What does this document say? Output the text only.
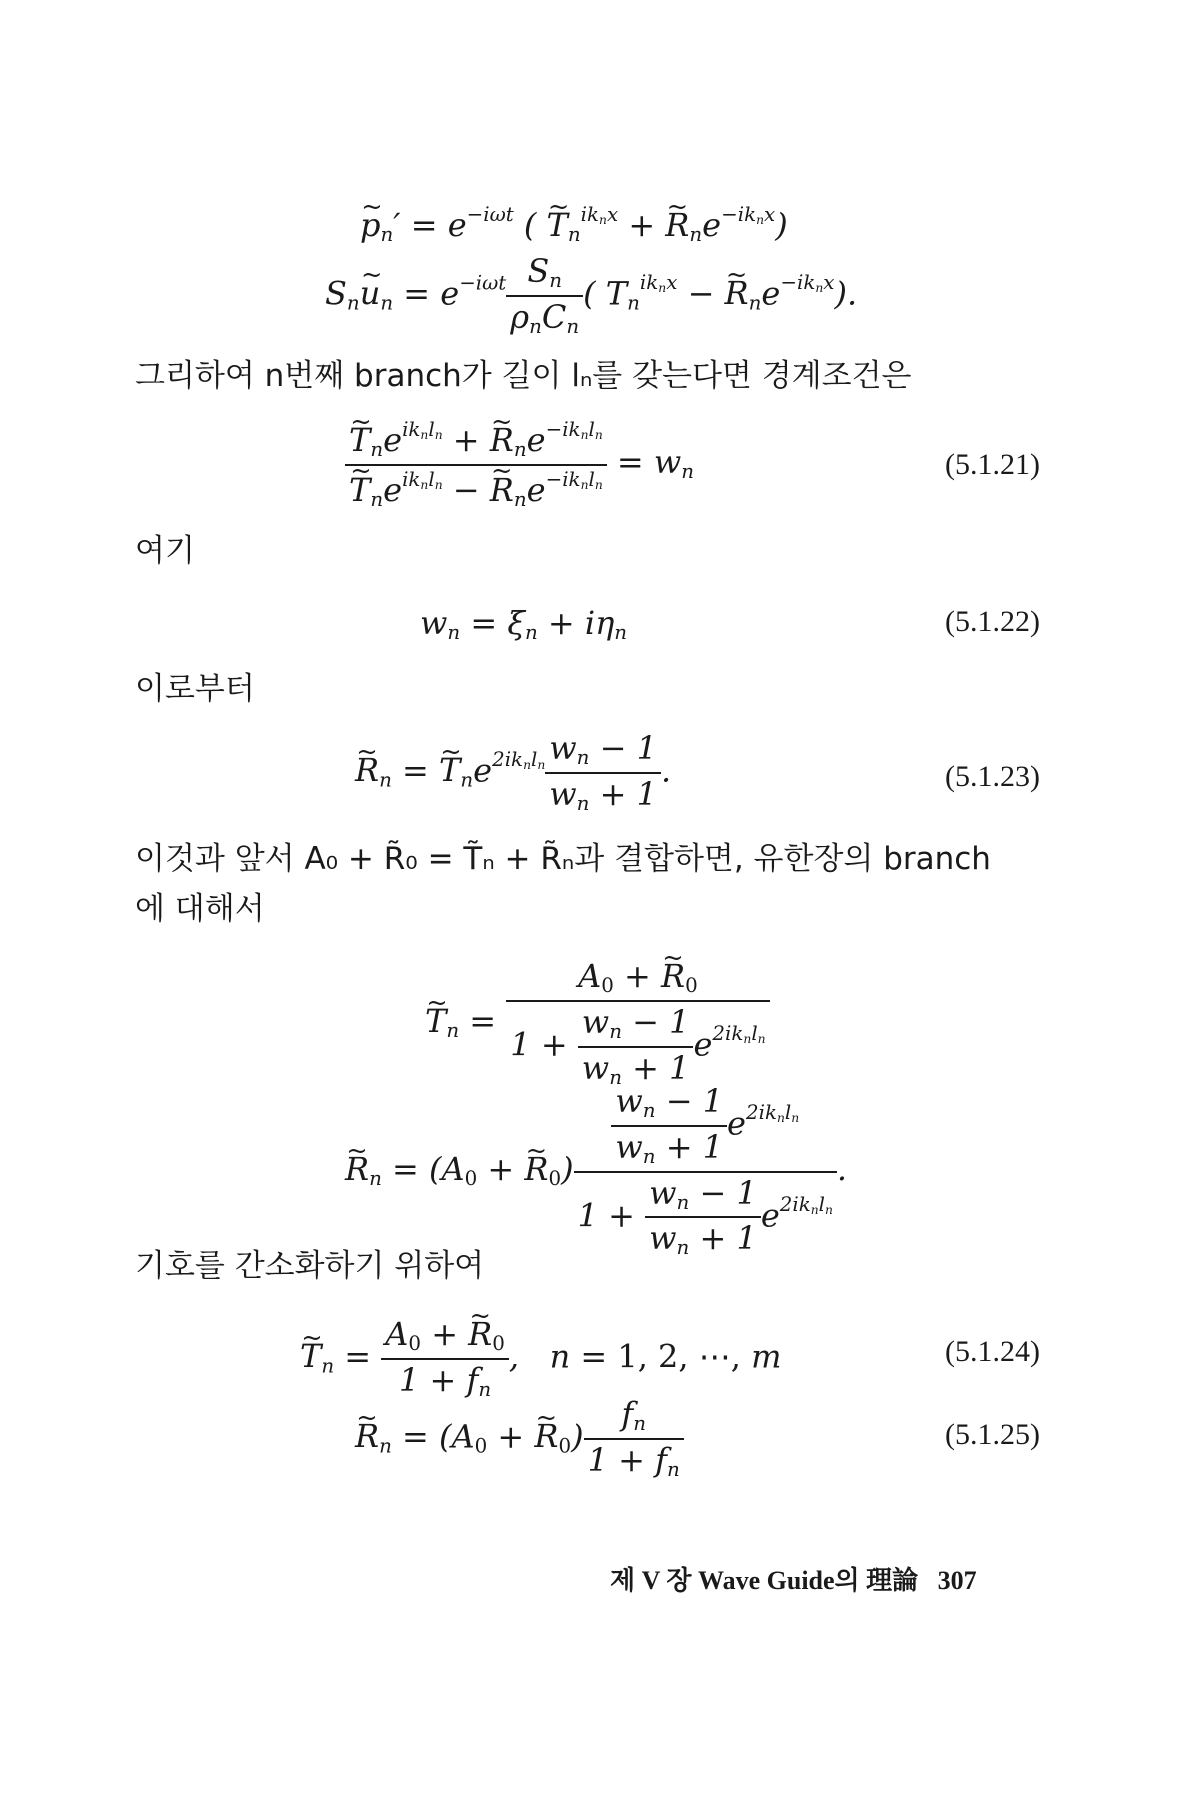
~ $p_n' = e^{-i\omega t}$ ( ~ $T_n^{ik_nx}$ + ~ $R_ne^{-ik_nx}$)
$S_n\sim$ $u_n = e^{-i\omega t} \frac{S_n}{\rho_nC_n}$ ( $T_n^{ik_nx}$ − ~ $R_ne^{-ik_nx}$).
그리하여 n번째 branch가 길이 lₙ를 갖는다면 경계조건은
~ $T_ne^{ik_nl_n}$ + ~ $R_ne^{-ik_nl_n}$
~ $T_ne^{ik_nl_n}$ − ~ $R_ne^{-ik_nl_n} = w_n$	(5.1.21)
여기
$w_n = \xi_n + i\eta_n$	(5.1.22)
이로부터
~ $R_n$ = ~ $T_ne^{2ik_nl_n} \frac{w_n - 1}{w_n + 1}$ .	(5.1.23)
이것과 앞서 A₀ + R̃₀ = T̃ₙ + R̃ₙ과 결합하면, 유한장의 branch
에 대해서
~ $T_n = \frac{A_0 + \sim R_0}{1 + \frac{w_n - 1}{w_n + 1} e^{2ik_nl_n}}$
~ $R_n = (A_0$ + ~ $R_0) \frac{\frac{w_n - 1}{w_n + 1} e^{2ik_nl_n}}{1 + \frac{w_n - 1}{w_n + 1} e^{2ik_nl_n}}$ .
기호를 간소화하기 위하여
~ $T_n = \frac{A_0 + \sim R_0}{1 + f_n}$ ,   n = 1, 2, ⋯, m	(5.1.24)
~ $R_n = (A_0$ + ~ $R_0) \frac{f_n}{1 + f_n}$	(5.1.25)
제 V 장 Wave Guide의 理論 307
